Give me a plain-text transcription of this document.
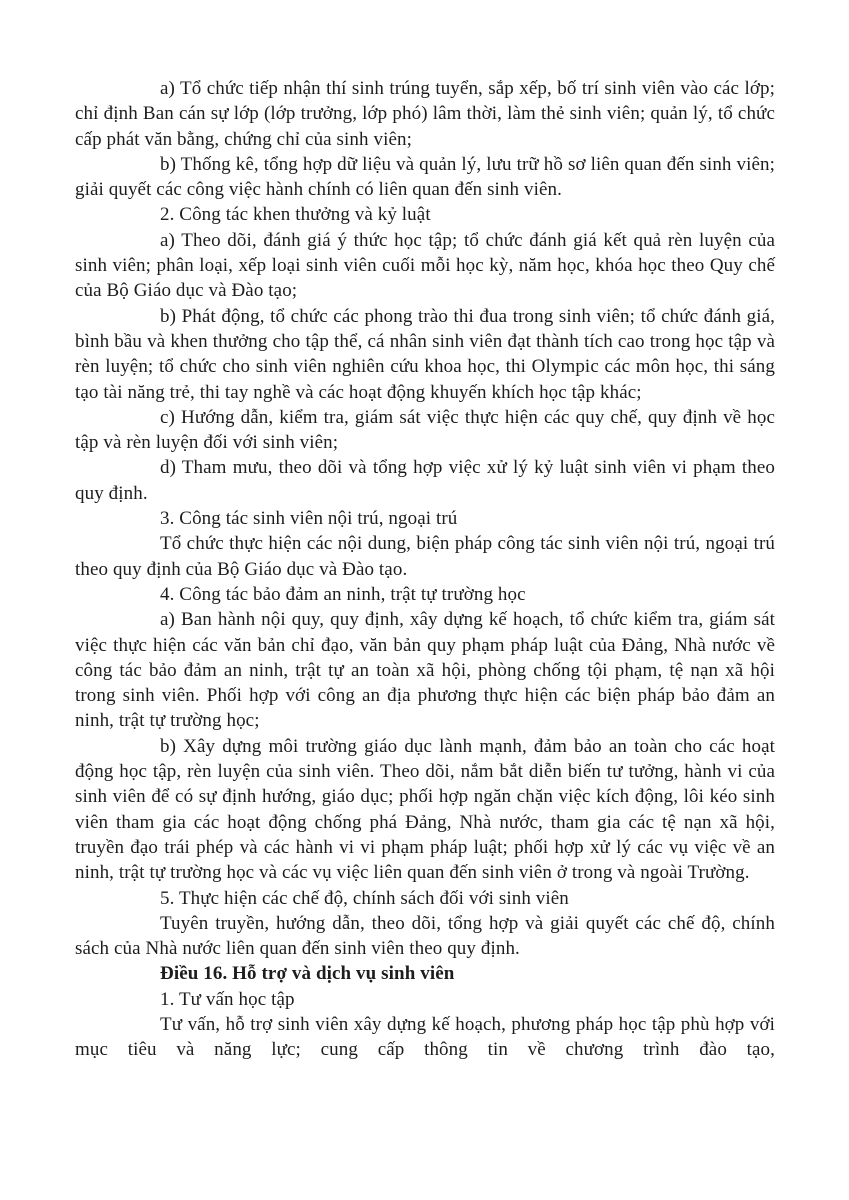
a) Tổ chức tiếp nhận thí sinh trúng tuyển, sắp xếp, bố trí sinh viên vào các lớp; chỉ định Ban cán sự lớp (lớp trưởng, lớp phó) lâm thời, làm thẻ sinh viên; quản lý, tổ chức cấp phát văn bằng, chứng chỉ của sinh viên;

b) Thống kê, tổng hợp dữ liệu và quản lý, lưu trữ hồ sơ liên quan đến sinh viên; giải quyết các công việc hành chính có liên quan đến sinh viên.

2. Công tác khen thưởng và kỷ luật

a) Theo dõi, đánh giá ý thức học tập; tổ chức đánh giá kết quả rèn luyện của sinh viên; phân loại, xếp loại sinh viên cuối mỗi học kỳ, năm học, khóa học theo Quy chế của Bộ Giáo dục và Đào tạo;

b) Phát động, tổ chức các phong trào thi đua trong sinh viên; tổ chức đánh giá, bình bầu và khen thưởng cho tập thể, cá nhân sinh viên đạt thành tích cao trong học tập và rèn luyện; tổ chức cho sinh viên nghiên cứu khoa học, thi Olympic các môn học, thi sáng tạo tài năng trẻ, thi tay nghề và các hoạt động khuyến khích học tập khác;

c) Hướng dẫn, kiểm tra, giám sát việc thực hiện các quy chế, quy định về học tập và rèn luyện đối với sinh viên;

d) Tham mưu, theo dõi và tổng hợp việc xử lý kỷ luật sinh viên vi phạm theo quy định.

3. Công tác sinh viên nội trú, ngoại trú

Tổ chức thực hiện các nội dung, biện pháp công tác sinh viên nội trú, ngoại trú theo quy định của Bộ Giáo dục và Đào tạo.

4. Công tác bảo đảm an ninh, trật tự trường học

a) Ban hành nội quy, quy định, xây dựng kế hoạch, tổ chức kiểm tra, giám sát việc thực hiện các văn bản chỉ đạo, văn bản quy phạm pháp luật của Đảng, Nhà nước về công tác bảo đảm an ninh, trật tự an toàn xã hội, phòng chống tội phạm, tệ nạn xã hội trong sinh viên. Phối hợp với công an địa phương thực hiện các biện pháp bảo đảm an ninh, trật tự trường học;

b) Xây dựng môi trường giáo dục lành mạnh, đảm bảo an toàn cho các hoạt động học tập, rèn luyện của sinh viên. Theo dõi, nắm bắt diễn biến tư tưởng, hành vi của sinh viên để có sự định hướng, giáo dục; phối hợp ngăn chặn việc kích động, lôi kéo sinh viên tham gia các hoạt động chống phá Đảng, Nhà nước, tham gia các tệ nạn xã hội, truyền đạo trái phép và các hành vi vi phạm pháp luật; phối hợp xử lý các vụ việc về an ninh, trật tự trường học và các vụ việc liên quan đến sinh viên ở trong và ngoài Trường.

5. Thực hiện các chế độ, chính sách đối với sinh viên

Tuyên truyền, hướng dẫn, theo dõi, tổng hợp và giải quyết các chế độ, chính sách của Nhà nước liên quan đến sinh viên theo quy định.

Điều 16. Hỗ trợ và dịch vụ sinh viên

1. Tư vấn học tập

Tư vấn, hỗ trợ sinh viên xây dựng kế hoạch, phương pháp học tập phù hợp với mục tiêu và năng lực; cung cấp thông tin về chương trình đào tạo,
